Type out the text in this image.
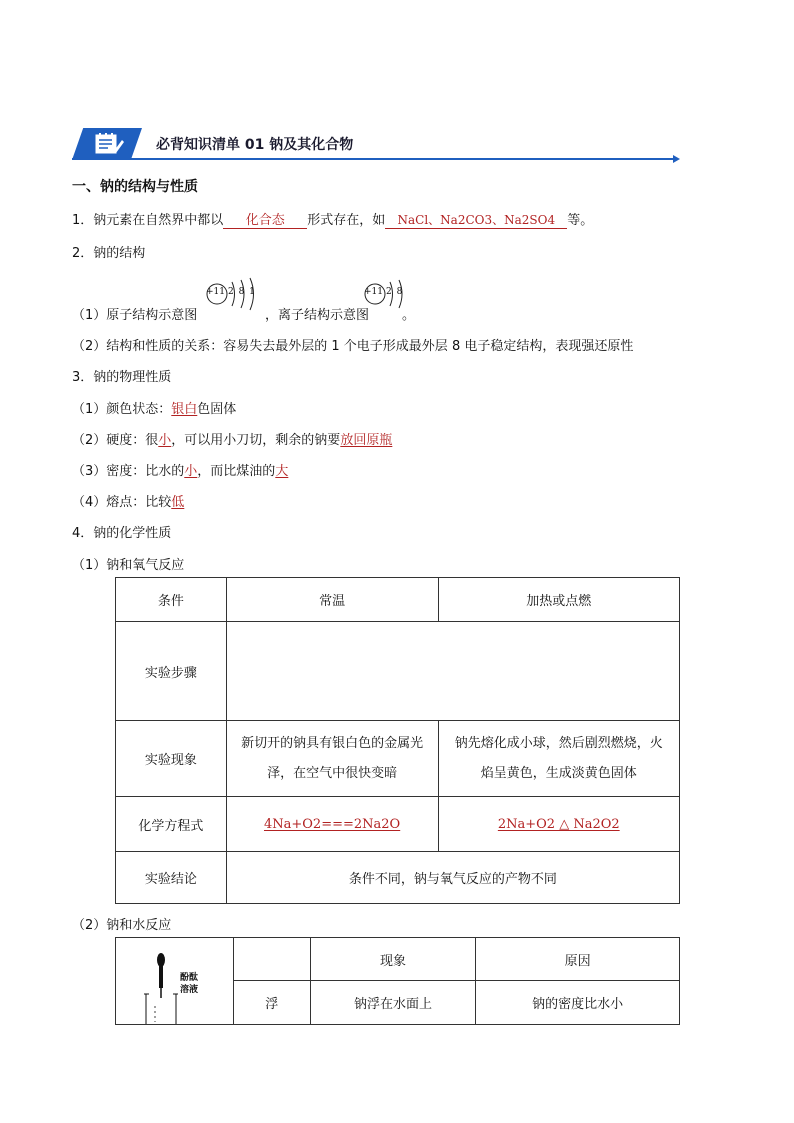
必背知识清单 01 钠及其化合物
一、钠的结构与性质
1．钠元素在自然界中都以 化合态 形式存在，如 NaCl、Na2CO3、Na2SO4 等。
2．钠的结构
（1）原子结构示意图
+11 2 8 1
，离子结构示意图
+11 2 8
。
（2）结构和性质的关系：容易失去最外层的 1 个电子形成最外层 8 电子稳定结构，表现强还原性
3．钠的物理性质
（1）颜色状态：银白色固体
（2）硬度：很小，可以用小刀切，剩余的钠要放回原瓶
（3）密度：比水的小，而比煤油的大
（4）熔点：比较低
4．钠的化学性质
（1）钠和氧气反应
条件	常温	加热或点燃
实验步骤		
实验现象	新切开的钠具有银白色的金属光泽，在空气中很快变暗	钠先熔化成小球，然后剧烈燃烧，火焰呈黄色，生成淡黄色固体
化学方程式	4Na+O2===2Na2O	2Na+O2 △ Na2O2
实验结论	条件不同，钠与氧气反应的产物不同	
（2）钠和水反应
酚酞溶液		现象	原因
	浮	钠浮在水面上	钠的密度比水小
